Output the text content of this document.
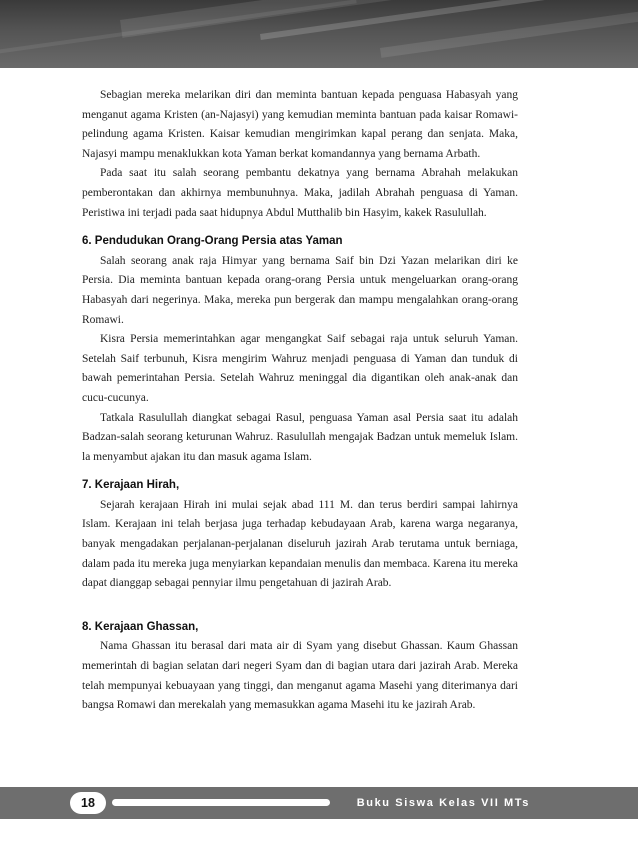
Sebagian mereka melarikan diri dan meminta bantuan kepada penguasa Habasyah yang menganut agama Kristen (an-Najasyi) yang kemudian meminta bantuan pada kaisar Romawi-pelindung agama Kristen. Kaisar kemudian mengirimkan kapal perang dan senjata. Maka, Najasyi mampu menaklukkan kota Yaman berkat komandannya yang bernama Arbath.

Pada saat itu salah seorang pembantu dekatnya yang bernama Abrahah melakukan pemberontakan dan akhirnya membunuhnya. Maka, jadilah Abrahah penguasa di Yaman. Peristiwa ini terjadi pada saat hidupnya Abdul Mutthalib bin Hasyim, kakek Rasulullah.

6. Pendudukan Orang-Orang Persia atas Yaman

Salah seorang anak raja Himyar yang bernama Saif bin Dzi Yazan melarikan diri ke Persia. Dia meminta bantuan kepada orang-orang Persia untuk mengeluarkan orang-orang Habasyah dari negerinya. Maka, mereka pun bergerak dan mampu mengalahkan orang-orang Romawi.

Kisra Persia memerintahkan agar mengangkat Saif sebagai raja untuk seluruh Yaman. Setelah Saif terbunuh, Kisra mengirim Wahruz menjadi penguasa di Yaman dan tunduk di bawah pemerintahan Persia. Setelah Wahruz meninggal dia digantikan oleh anak-anak dan cucu-cucunya.

Tatkala Rasulullah diangkat sebagai Rasul, penguasa Yaman asal Persia saat itu adalah Badzan-salah seorang keturunan Wahruz. Rasulullah mengajak Badzan untuk memeluk Islam. la menyambut ajakan itu dan masuk agama Islam.

7. Kerajaan Hirah,

Sejarah kerajaan Hirah ini mulai sejak abad 111 M. dan terus berdiri sampai lahirnya Islam. Kerajaan ini telah berjasa juga terhadap kebudayaan Arab, karena warga negaranya, banyak mengadakan perjalanan-perjalanan diseluruh jazirah Arab terutama untuk berniaga, dalam pada itu mereka juga menyiarkan kepandaian menulis dan membaca. Karena itu mereka dapat dianggap sebagai pennyiar ilmu pengetahuan di jazirah Arab.

8. Kerajaan Ghassan,

Nama Ghassan itu berasal dari mata air di Syam yang disebut Ghassan. Kaum Ghassan memerintah di bagian selatan dari negeri Syam dan di bagian utara dari jazirah Arab. Mereka telah mempunyai kebuayaan yang tinggi, dan menganut agama Masehi yang diterimanya dari bangsa Romawi dan merekalah yang memasukkan agama Masehi itu ke jazirah Arab.

18	Buku Siswa Kelas VII MTs
